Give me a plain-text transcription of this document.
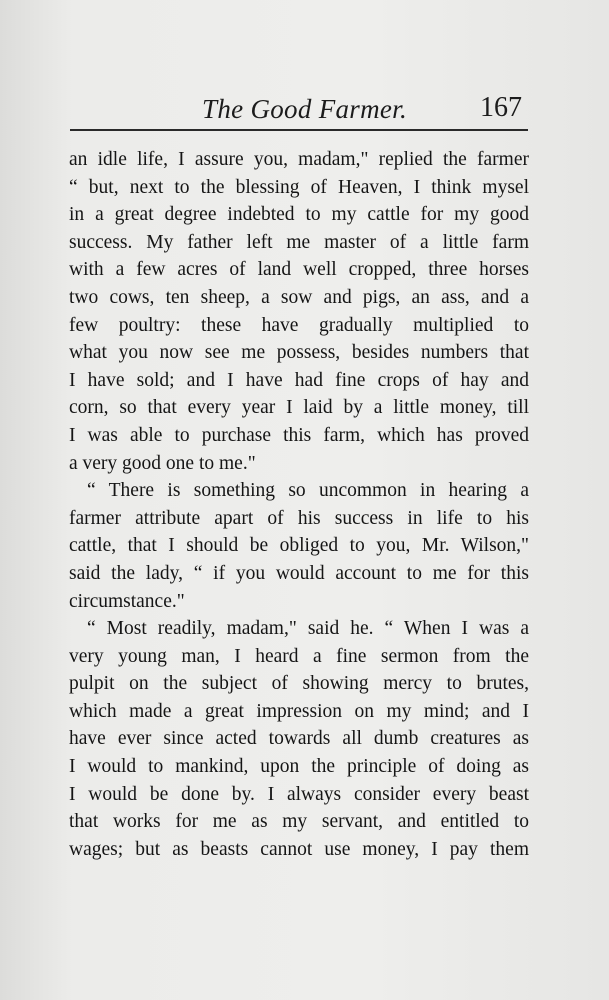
The Good Farmer.	167
an idle life, I assure you, madam," replied the farmer
“ but, next to the blessing of Heaven, I think mysel
in a great degree indebted to my cattle for my good
success. My father left me master of a little farm
with a few acres of land well cropped, three horses
two cows, ten sheep, a sow and pigs, an ass, and a
few poultry: these have gradually multiplied to
what you now see me possess, besides numbers that
I have sold; and I have had fine crops of hay and
corn, so that every year I laid by a little money, till
I was able to purchase this farm, which has proved
a very good one to me."
“ There is something so uncommon in hearing a
farmer attribute apart of his success in life to his
cattle, that I should be obliged to you, Mr. Wilson,"
said the lady, “ if you would account to me for this
circumstance."
“ Most readily, madam," said he. “ When I was a
very young man, I heard a fine sermon from the
pulpit on the subject of showing mercy to brutes,
which made a great impression on my mind; and I
have ever since acted towards all dumb creatures as
I would to mankind, upon the principle of doing as
I would be done by. I always consider every beast
that works for me as my servant, and entitled to
wages; but as beasts cannot use money, I pay them
